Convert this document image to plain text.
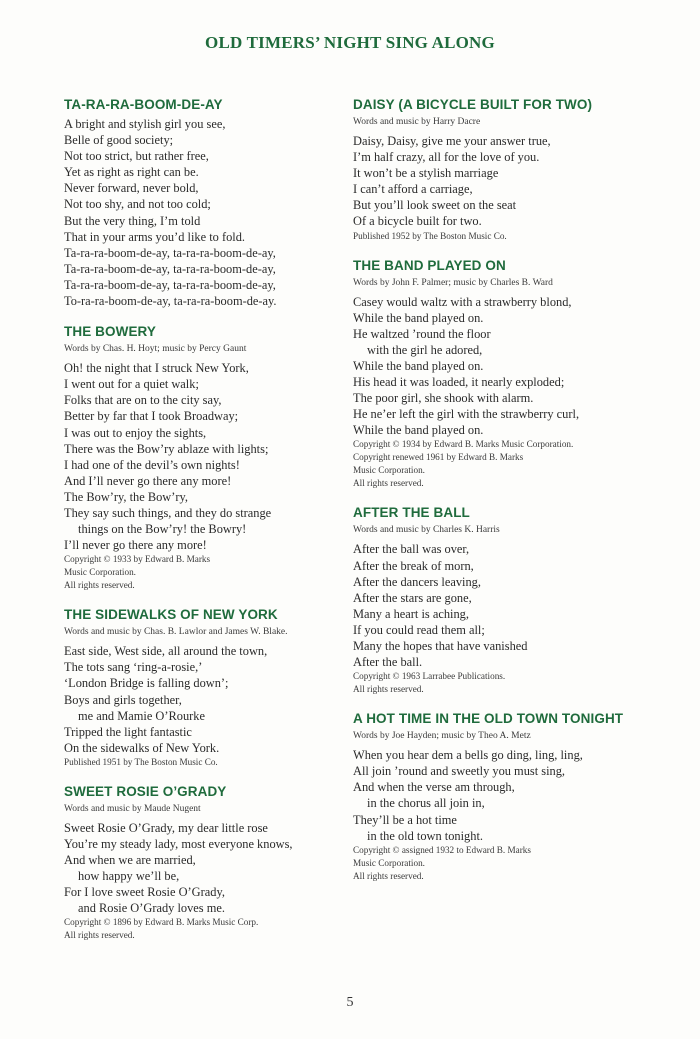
OLD TIMERS’ NIGHT SING ALONG
TA-RA-RA-BOOM-DE-AY
A bright and stylish girl you see,
Belle of good society;
Not too strict, but rather free,
Yet as right as right can be.
Never forward, never bold,
Not too shy, and not too cold;
But the very thing, I’m told
That in your arms you’d like to fold.
Ta-ra-ra-boom-de-ay, ta-ra-ra-boom-de-ay,
Ta-ra-ra-boom-de-ay, ta-ra-ra-boom-de-ay,
Ta-ra-ra-boom-de-ay, ta-ra-ra-boom-de-ay,
To-ra-ra-boom-de-ay, ta-ra-ra-boom-de-ay.
THE BOWERY
Words by Chas. H. Hoyt; music by Percy Gaunt
Oh! the night that I struck New York,
I went out for a quiet walk;
Folks that are on to the city say,
Better by far that I took Broadway;
I was out to enjoy the sights,
There was the Bow’ry ablaze with lights;
I had one of the devil’s own nights!
And I’ll never go there any more!
The Bow’ry, the Bow’ry,
They say such things, and they do strange
things on the Bow’ry! the Bowry!
I’ll never go there any more!
Copyright © 1933 by Edward B. Marks
Music Corporation.
All rights reserved.
THE SIDEWALKS OF NEW YORK
Words and music by Chas. B. Lawlor and James W. Blake.
East side, West side, all around the town,
The tots sang ‘ring-a-rosie,’
‘London Bridge is falling down’;
Boys and girls together,
me and Mamie O’Rourke
Tripped the light fantastic
On the sidewalks of New York.
Published 1951 by The Boston Music Co.
SWEET ROSIE O’GRADY
Words and music by Maude Nugent
Sweet Rosie O’Grady, my dear little rose
You’re my steady lady, most everyone knows,
And when we are married,
how happy we’ll be,
For I love sweet Rosie O’Grady,
and Rosie O’Grady loves me.
Copyright © 1896 by Edward B. Marks Music Corp.
All rights reserved.
DAISY (A BICYCLE BUILT FOR TWO)
Words and music by Harry Dacre
Daisy, Daisy, give me your answer true,
I’m half crazy, all for the love of you.
It won’t be a stylish marriage
I can’t afford a carriage,
But you’ll look sweet on the seat
Of a bicycle built for two.
Published 1952 by The Boston Music Co.
THE BAND PLAYED ON
Words by John F. Palmer; music by Charles B. Ward
Casey would waltz with a strawberry blond,
While the band played on.
He waltzed ’round the floor
with the girl he adored,
While the band played on.
His head it was loaded, it nearly exploded;
The poor girl, she shook with alarm.
He ne’er left the girl with the strawberry curl,
While the band played on.
Copyright © 1934 by Edward B. Marks Music Corporation.
Copyright renewed 1961 by Edward B. Marks
Music Corporation.
All rights reserved.
AFTER THE BALL
Words and music by Charles K. Harris
After the ball was over,
After the break of morn,
After the dancers leaving,
After the stars are gone,
Many a heart is aching,
If you could read them all;
Many the hopes that have vanished
After the ball.
Copyright © 1963 Larrabee Publications.
All rights reserved.
A HOT TIME IN THE OLD TOWN TONIGHT
Words by Joe Hayden; music by Theo A. Metz
When you hear dem a bells go ding, ling, ling,
All join ’round and sweetly you must sing,
And when the verse am through,
in the chorus all join in,
They’ll be a hot time
in the old town tonight.
Copyright © assigned 1932 to Edward B. Marks
Music Corporation.
All rights reserved.
5
